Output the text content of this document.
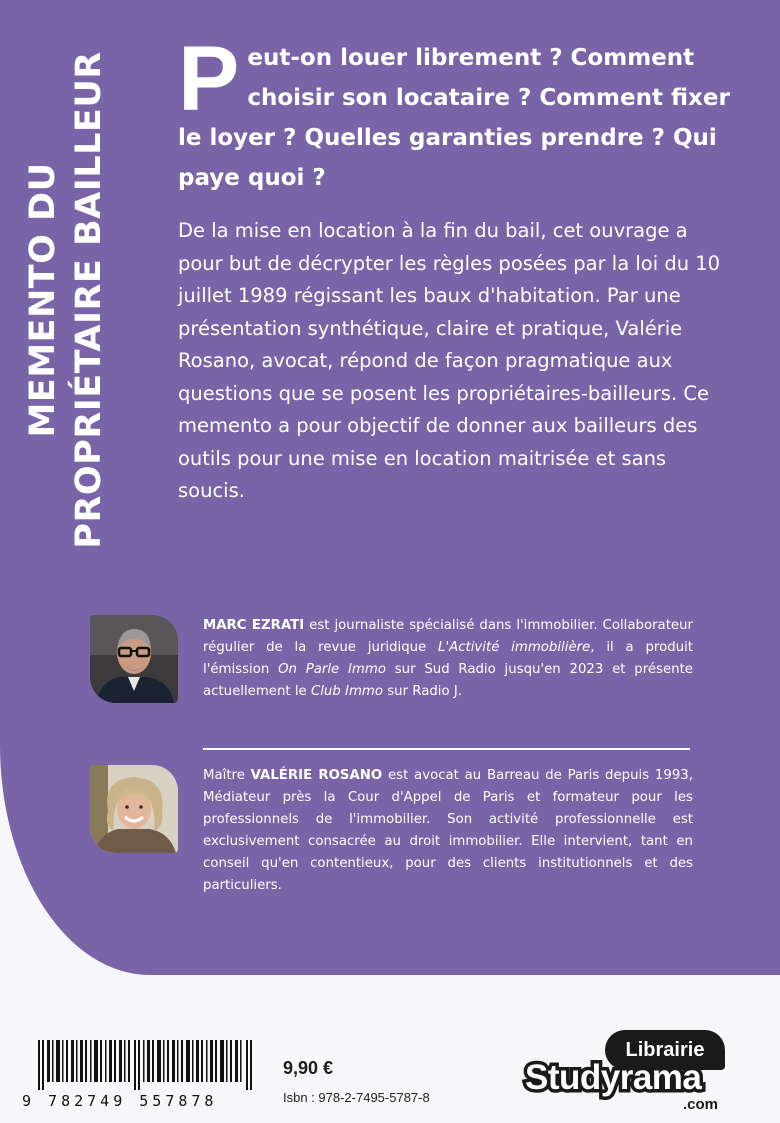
MEMENTO DU PROPRIÉTAIRE BAILLEUR Peut-on louer librement ? Comment choisir son locataire ? Comment fixer le loyer ? Quelles garanties prendre ? Qui paye quoi ?

De la mise en location à la fin du bail, cet ouvrage a pour but de décrypter les règles posées par la loi du 10 juillet 1989 régissant les baux d'habitation. Par une présentation synthétique, claire et pratique, Valérie Rosano, avocat, répond de façon pragmatique aux questions que se posent les propriétaires-bailleurs. Ce memento a pour objectif de donner aux bailleurs des outils pour une mise en location maitrisée et sans soucis.

MARC EZRATI est journaliste spécialisé dans l'immobilier. Collaborateur régulier de la revue juridique L'Activité immobilière, il a produit l'émission On Parle Immo sur Sud Radio jusqu'en 2023 et présente actuellement le Club Immo sur Radio J.

Maître VALÉRIE ROSANO est avocat au Barreau de Paris depuis 1993, Médiateur près la Cour d'Appel de Paris et formateur pour les professionnels de l'immobilier. Son activité professionnelle est exclusivement consacrée au droit immobilier. Elle intervient, tant en conseil qu'en contentieux, pour des clients institutionnels et des particuliers.

9 782749 557878
9,90 €
Isbn : 978-2-7495-5787-8
Librairie
Studyrama
.com
